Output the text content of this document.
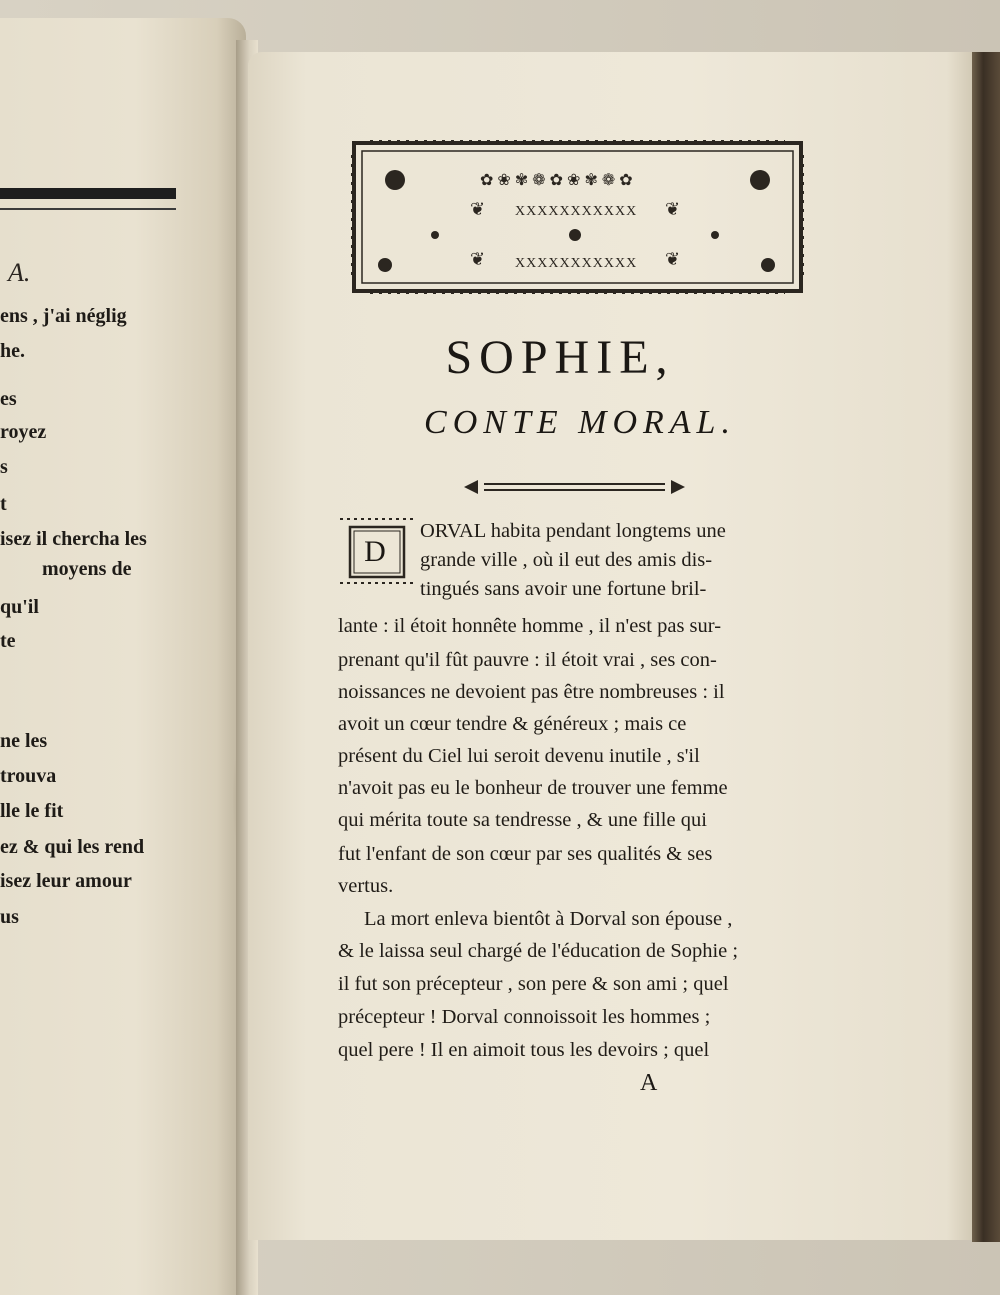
A.
ens , j'ai néglig
he.
es
royez
s
t
isez il chercha les
moyens de
qu'il
te
ne les
trouva
lle le fit
ez & qui les rend
isez leur amour
us
XXXXXXXXXXX
XXXXXXXXXXX
✿❀✾❁✿❀✾❁✿
❦	❦
❦	❦
SOPHIE,
CONTE MORAL.
D
ORVAL habita pendant longtems une
grande ville , où il eut des amis dis-
tingués sans avoir une fortune bril-
lante : il étoit honnête homme , il n'est pas sur-
prenant qu'il fût pauvre : il étoit vrai , ses con-
noissances ne devoient pas être nombreuses : il
avoit un cœur tendre & généreux ; mais ce
présent du Ciel lui seroit devenu inutile , s'il
n'avoit pas eu le bonheur de trouver une femme
qui mérita toute sa tendresse , & une fille qui
fut l'enfant de son cœur par ses qualités & ses
vertus.
La mort enleva bientôt à Dorval son épouse ,
& le laissa seul chargé de l'éducation de Sophie ;
il fut son précepteur , son pere & son ami ; quel
précepteur ! Dorval connoissoit les hommes ;
quel pere ! Il en aimoit tous les devoirs ; quel
A
